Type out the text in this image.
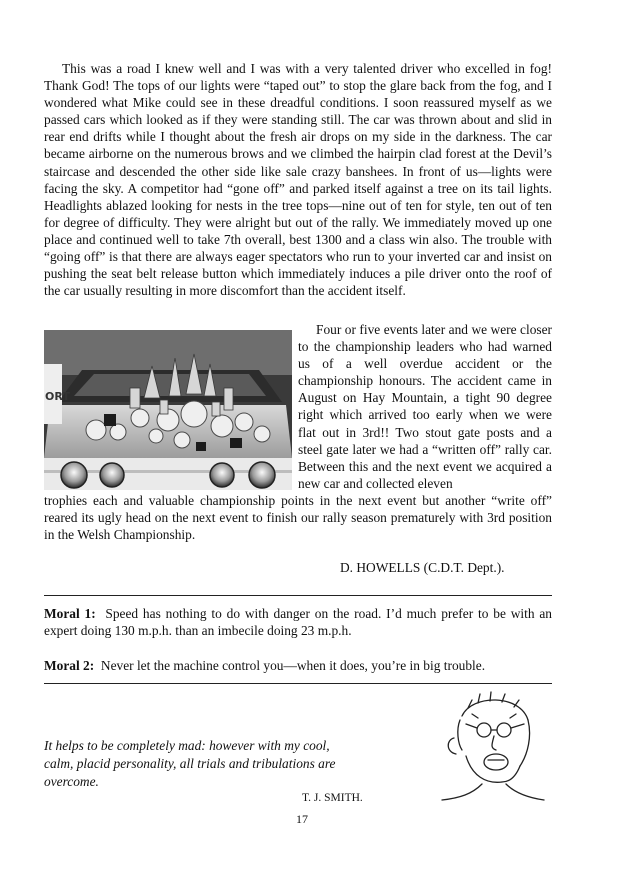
This was a road I knew well and I was with a very talented driver who excelled in fog! Thank God! The tops of our lights were “taped out” to stop the glare back from the fog, and I wondered what Mike could see in these dreadful conditions. I soon reassured myself as we passed cars which looked as if they were standing still. The car was thrown about and slid in rear end drifts while I thought about the fresh air drops on my side in the darkness. The car became airborne on the numerous brows and we climbed the hairpin clad forest at the Devil’s staircase and descended the other side like sale crazy banshees. In front of us—lights were facing the sky. A competitor had “gone off” and parked itself against a tree on its tail lights. Headlights ablazed looking for nests in the tree tops—nine out of ten for style, ten out of ten for degree of difficulty. They were alright but out of the rally. We immediately moved up one place and continued well to take 7th overall, best 1300 and a class win also. The trouble with “going off” is that there are always eager spectators who run to your inverted car and insist on pushing the seat belt release button which immediately induces a pile driver onto the roof of the car usually resulting in more discomfort than the accident itself.
ORT
Four or five events later and we were closer to the championship leaders who had warned us of a well overdue accident or the championship honours. The accident came in August on Hay Mountain, a tight 90 degree right which arrived too early when we were flat out in 3rd!! Two stout gate posts and a steel gate later we had a “written off” rally car. Between this and the next event we acquired a new car and collected eleven
trophies each and valuable championship points in the next event but another “write off” reared its ugly head on the next event to finish our rally season prematurely with 3rd position in the Welsh Championship.
D. HOWELLS (C.D.T. Dept.).
Moral 1: Speed has nothing to do with danger on the road. I’d much prefer to be with an expert doing 130 m.p.h. than an imbecile doing 23 m.p.h.
Moral 2: Never let the machine control you—when it does, you’re in big trouble.
It helps to be completely mad: however with my cool, calm, placid personality, all trials and tribulations are overcome.
T. J. SMITH.
17
